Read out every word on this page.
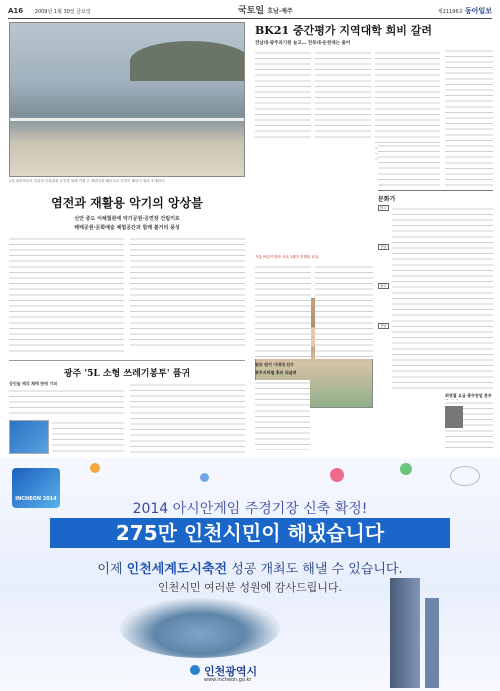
A16 2009년 1월 30일 금요일	국토일 호남·제주	제21196호 동아일보
1일 광양자동차 진출과 문화관광 증진을 위해 가꿔 온 해변공원 해안도로 전경이 해넘이 겹쳐 소개된다.
염전과 재활용 악기의 앙상블
신안 증도 어체험관에 악기공원·공연장 건립키로
해태공원·문화예술 체험공간과 함께 볼거리 풍성
광주 '5L 소형 쓰레기봉투' 퓸귀
상인들 매각 채택 판매 기피
BK21 중간평가 지역대학 희비 갈려
전남대·광주과기원 늘고… 전북대·순천대는 줄어
겨울 어린이 방학 프로그램이 진행된 교실.
원조 원어 이대대 선수
광주지하철 홍보 되살려
문화가
광주
전남
광주
전남
최영열 요금 광주천업 본부
INCHEON 2014
2014 아시안게임 주경기장 신축 확정!
275만 인천시민이 해냈습니다
이제 인천세계도시축전 성공 개최도 해낼 수 있습니다.
인천시민 여러분 성원에 감사드립니다.
인천광역시
www.incheon.go.kr
